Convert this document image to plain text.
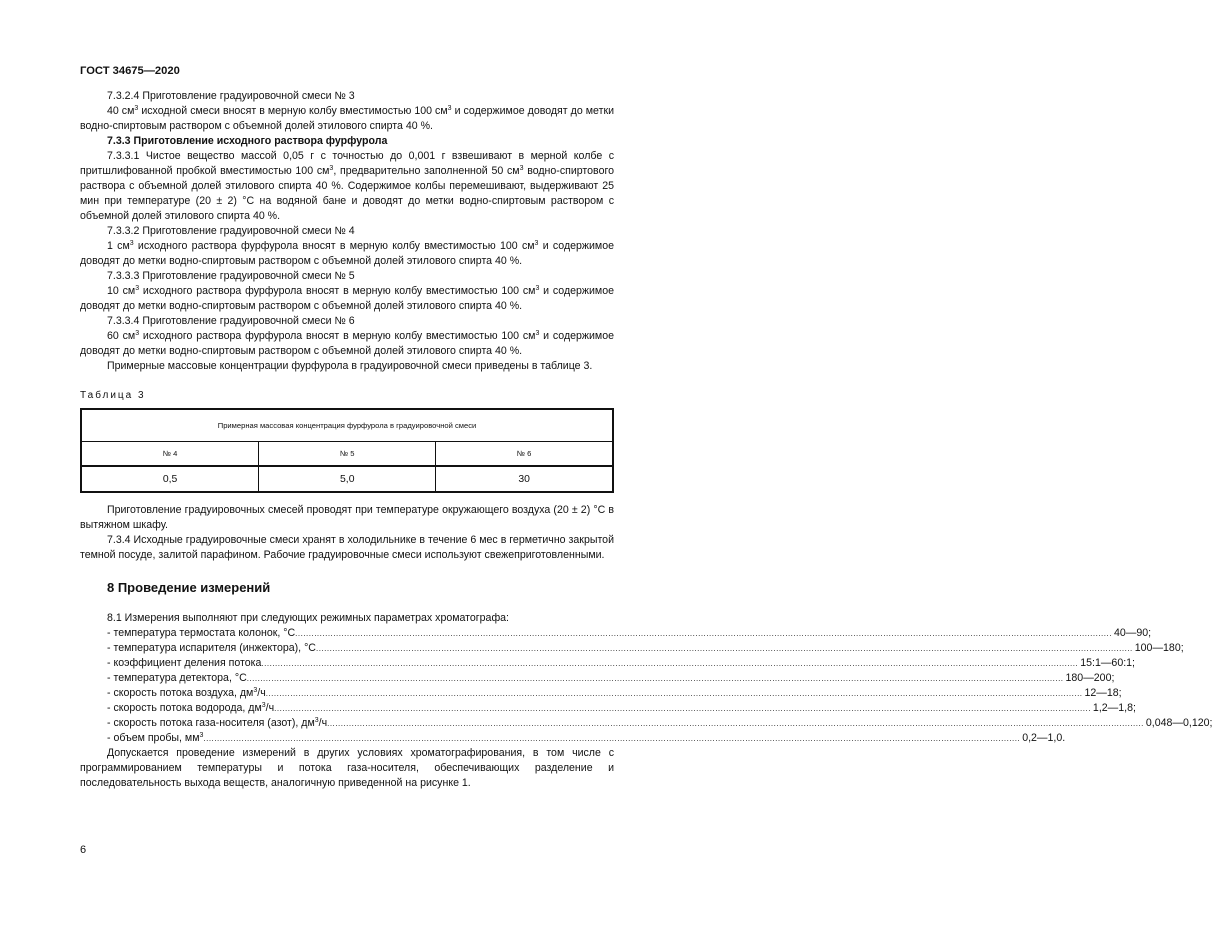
ГОСТ 34675—2020

7.3.2.4 Приготовление градуировочной смеси № 3

40 $см^3$ исходной смеси вносят в мерную колбу вместимостью 100 $см^3$ и содержимое доводят до метки водно-спиртовым раствором с объемной долей этилового спирта 40 %.

7.3.3 Приготовление исходного раствора фурфурола

7.3.3.1 Чистое вещество массой 0,05 г с точностью до 0,001 г взвешивают в мерной колбе с притшлифованной пробкой вместимостью 100 $см^3$, предварительно заполненной 50 $см^3$ водно-спиртового раствора с объемной долей этилового спирта 40 %. Содержимое колбы перемешивают, выдерживают 25 мин при температуре (20 ± 2) °С на водяной бане и доводят до метки водно-спиртовым раствором с объемной долей этилового спирта 40 %.

7.3.3.2 Приготовление градуировочной смеси № 4

1 $см^3$ исходного раствора фурфурола вносят в мерную колбу вместимостью 100 $см^3$ и содержимое доводят до метки водно-спиртовым раствором с объемной долей этилового спирта 40 %.

7.3.3.3 Приготовление градуировочной смеси № 5

10 $см^3$ исходного раствора фурфурола вносят в мерную колбу вместимостью 100 $см^3$ и содержимое доводят до метки водно-спиртовым раствором с объемной долей этилового спирта 40 %.

7.3.3.4 Приготовление градуировочной смеси № 6

60 $см^3$ исходного раствора фурфурола вносят в мерную колбу вместимостью 100 $см^3$ и содержимое доводят до метки водно-спиртовым раствором с объемной долей этилового спирта 40 %.

Примерные массовые концентрации фурфурола в градуировочной смеси приведены в таблице 3.

Таблица 3
Примерная массовая концентрация фурфурола в градуировочной смеси		
№ 4	№ 5	№ 6
0,5	5,0	30

Приготовление градуировочных смесей проводят при температуре окружающего воздуха (20 ± 2) °С в вытяжном шкафу.

7.3.4 Исходные градуировочные смеси хранят в холодильнике в течение 6 мес в герметично закрытой темной посуде, залитой парафином. Рабочие градуировочные смеси используют свежеприготовленными.

8 Проведение измерений

8.1 Измерения выполняют при следующих режимных параметрах хроматографа:

- температура термостата колонок, °С ............................................................................................................................................................................................................................................................................................................ 40—90;
- температура испарителя (инжектора), °С ............................................................................................................................................................................................................................................................................................................ 100—180;
- коэффициент деления потока ............................................................................................................................................................................................................................................................................................................ 15:1—60:1;
- температура детектора, °С ............................................................................................................................................................................................................................................................................................................ 180—200;
- скорость потока воздуха, $дм^3/ч$ ............................................................................................................................................................................................................................................................................................................ 12—18;
- скорость потока водорода, $дм^3/ч$ ............................................................................................................................................................................................................................................................................................................ 1,2—1,8;
- скорость потока газа-носителя (азот), $дм^3/ч$ ............................................................................................................................................................................................................................................................................................................ 0,048—0,120;
- объем пробы, $мм^3$ ............................................................................................................................................................................................................................................................................................................ 0,2—1,0.

Допускается проведение измерений в других условиях хроматографирования, в том числе с программированием температуры и потока газа-носителя, обеспечивающих разделение и последовательность выхода веществ, аналогичную приведенной на рисунке 1.

6
